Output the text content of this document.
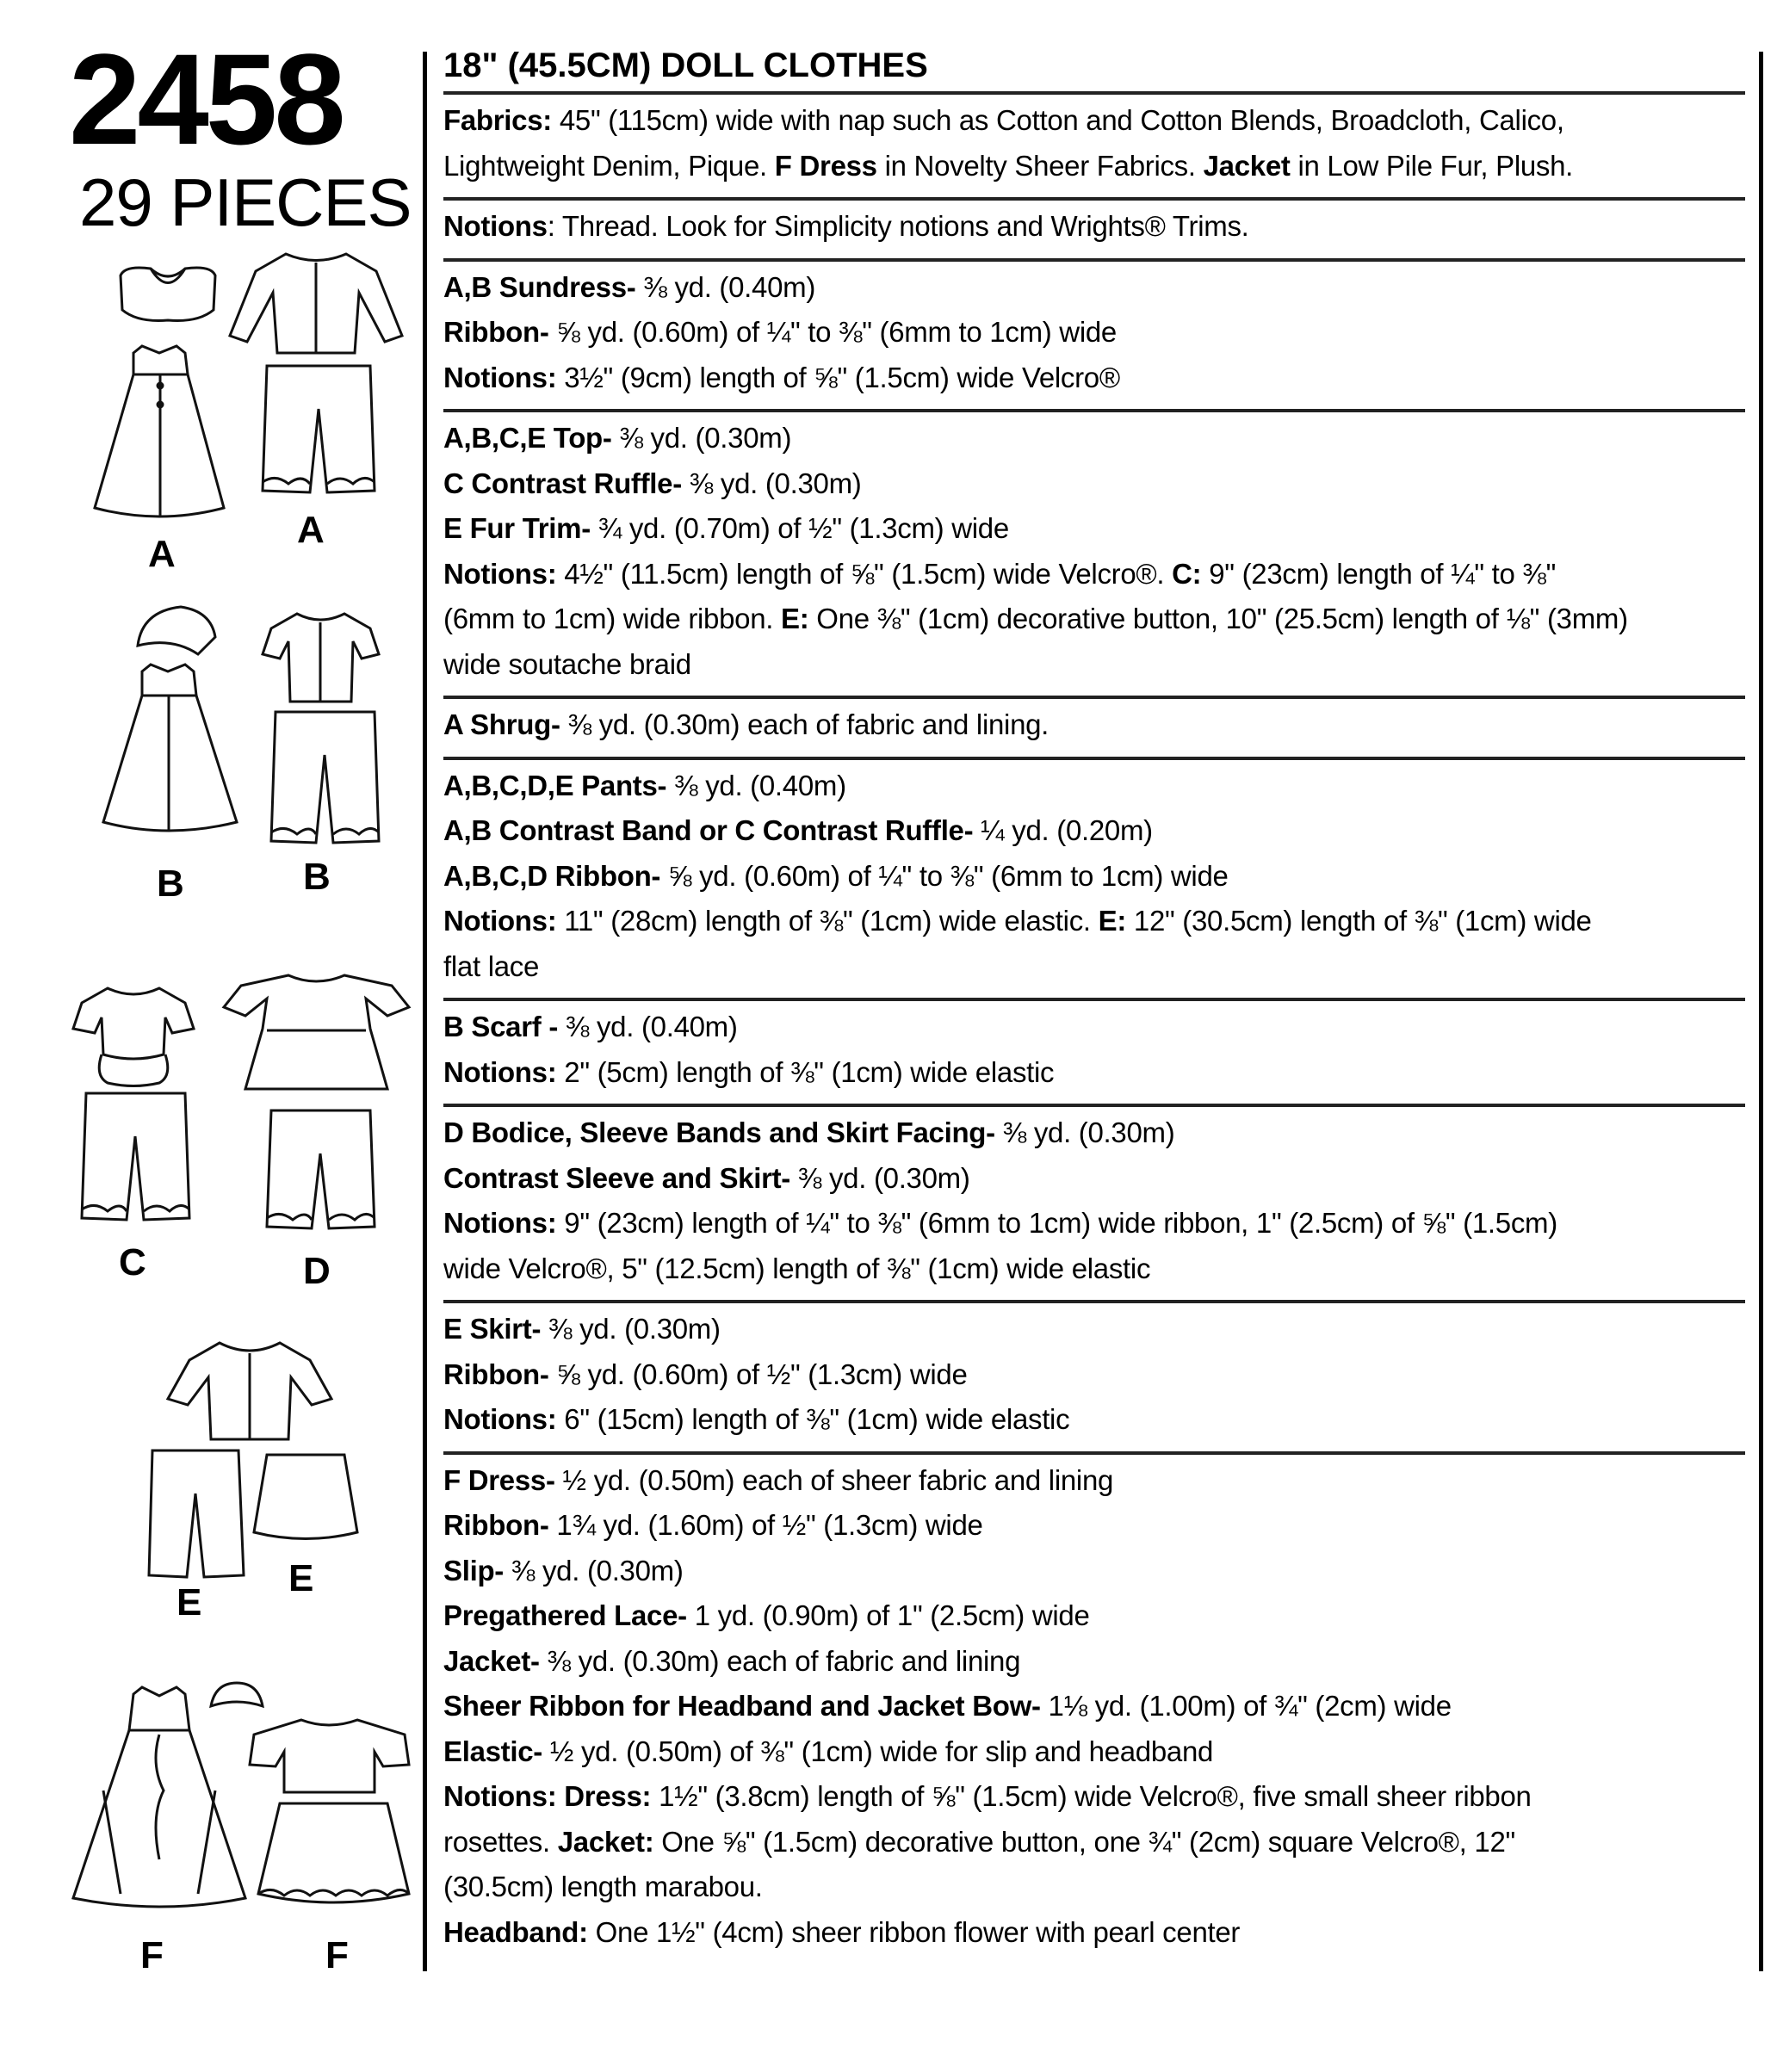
2458
29 PIECES
A
A
B	B
C	D
E
E
F	F
18" (45.5CM) DOLL CLOTHES
Fabrics: 45" (115cm) wide with nap such as Cotton and Cotton Blends, Broadcloth, Calico,
Lightweight Denim, Pique. F Dress in Novelty Sheer Fabrics. Jacket in Low Pile Fur, Plush.
Notions: Thread. Look for Simplicity notions and Wrights® Trims.
A,B Sundress- ⅜ yd. (0.40m)
Ribbon- ⅝ yd. (0.60m) of ¼" to ⅜" (6mm to 1cm) wide
Notions: 3½" (9cm) length of ⅝" (1.5cm) wide Velcro®
A,B,C,E Top- ⅜ yd. (0.30m)
C Contrast Ruffle- ⅜ yd. (0.30m)
E Fur Trim- ¾ yd. (0.70m) of ½" (1.3cm) wide
Notions: 4½" (11.5cm) length of ⅝" (1.5cm) wide Velcro®. C: 9" (23cm) length of ¼" to ⅜"
(6mm to 1cm) wide ribbon. E: One ⅜" (1cm) decorative button, 10" (25.5cm) length of ⅛" (3mm)
wide soutache braid
A Shrug- ⅜ yd. (0.30m) each of fabric and lining.
A,B,C,D,E Pants- ⅜ yd. (0.40m)
A,B Contrast Band or C Contrast Ruffle- ¼ yd. (0.20m)
A,B,C,D Ribbon- ⅝ yd. (0.60m) of ¼" to ⅜" (6mm to 1cm) wide
Notions: 11" (28cm) length of ⅜" (1cm) wide elastic. E: 12" (30.5cm) length of ⅜" (1cm) wide
flat lace
B Scarf - ⅜ yd. (0.40m)
Notions: 2" (5cm) length of ⅜" (1cm) wide elastic
D Bodice, Sleeve Bands and Skirt Facing- ⅜ yd. (0.30m)
Contrast Sleeve and Skirt- ⅜ yd. (0.30m)
Notions: 9" (23cm) length of ¼" to ⅜" (6mm to 1cm) wide ribbon, 1" (2.5cm) of ⅝" (1.5cm)
wide Velcro®, 5" (12.5cm) length of ⅜" (1cm) wide elastic
E Skirt- ⅜ yd. (0.30m)
Ribbon- ⅝ yd. (0.60m) of ½" (1.3cm) wide
Notions: 6" (15cm) length of ⅜" (1cm) wide elastic
F Dress- ½ yd. (0.50m) each of sheer fabric and lining
Ribbon- 1¾ yd. (1.60m) of ½" (1.3cm) wide
Slip- ⅜ yd. (0.30m)
Pregathered Lace- 1 yd. (0.90m) of 1" (2.5cm) wide
Jacket- ⅜ yd. (0.30m) each of fabric and lining
Sheer Ribbon for Headband and Jacket Bow- 1⅛ yd. (1.00m) of ¾" (2cm) wide
Elastic- ½ yd. (0.50m) of ⅜" (1cm) wide for slip and headband
Notions: Dress: 1½" (3.8cm) length of ⅝" (1.5cm) wide Velcro®, five small sheer ribbon
rosettes. Jacket: One ⅝" (1.5cm) decorative button, one ¾" (2cm) square Velcro®, 12"
(30.5cm) length marabou.
Headband: One 1½" (4cm) sheer ribbon flower with pearl center
